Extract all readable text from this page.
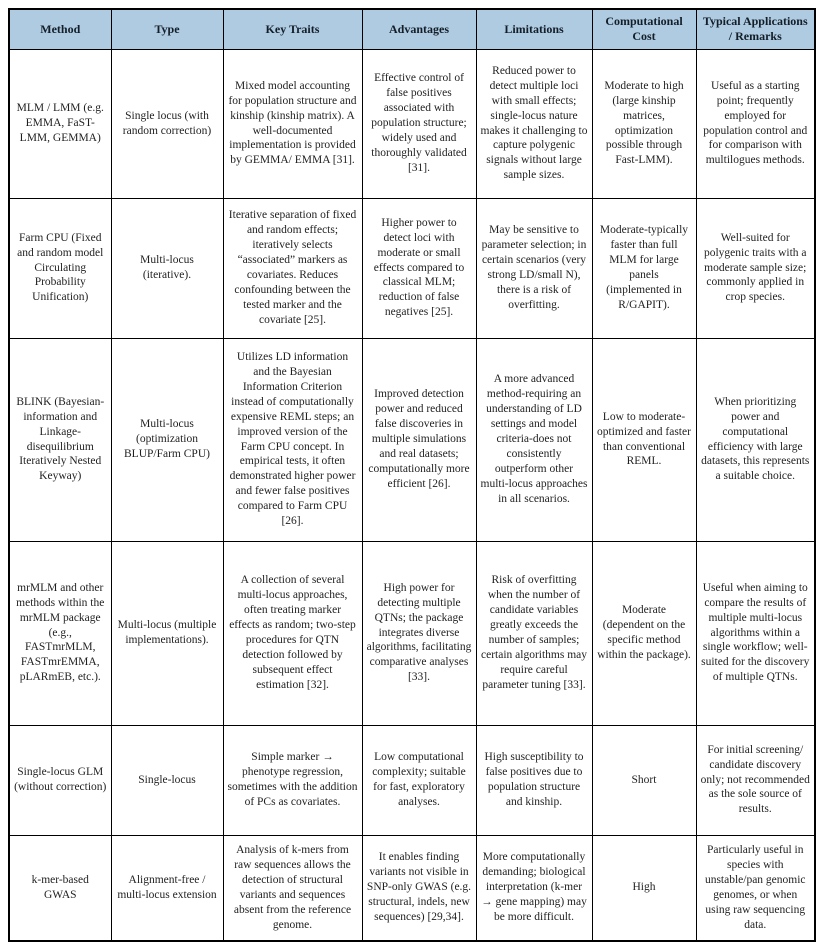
Method	Type	Key Traits	Advantages	Limitations	Computational Cost	Typical Applications / Remarks
MLM / LMM (e.g. EMMA, FaST-LMM, GEMMA)	Single locus (with random correction)	Mixed model accounting for population structure and kinship (kinship matrix). A well-documented implementation is provided by GEMMA/ EMMA [31].	Effective control of false positives associated with population structure; widely used and thoroughly validated [31].	Reduced power to detect multiple loci with small effects; single-locus nature makes it challenging to capture polygenic signals without large sample sizes.	Moderate to high (large kinship matrices, optimization possible through Fast-LMM).	Useful as a starting point; frequently employed for population control and for comparison with multilogues methods.
Farm CPU (Fixed and random model Circulating Probability Unification)	Multi-locus (iterative).	Iterative separation of fixed and random effects; iteratively selects “associated” markers as covariates. Reduces confounding between the tested marker and the covariate [25].	Higher power to detect loci with moderate or small effects compared to classical MLM; reduction of false negatives [25].	May be sensitive to parameter selection; in certain scenarios (very strong LD/small N), there is a risk of overfitting.	Moderate-typically faster than full MLM for large panels (implemented in R/GAPIT).	Well-suited for polygenic traits with a moderate sample size; commonly applied in crop species.
BLINK (Bayesian-information and Linkage-disequilibrium Iteratively Nested Keyway)	Multi-locus (optimization BLUP/Farm CPU)	Utilizes LD information and the Bayesian Information Criterion instead of computationally expensive REML steps; an improved version of the Farm CPU concept. In empirical tests, it often demonstrated higher power and fewer false positives compared to Farm CPU [26].	Improved detection power and reduced false discoveries in multiple simulations and real datasets; computationally more efficient [26].	A more advanced method-requiring an understanding of LD settings and model criteria-does not consistently outperform other multi-locus approaches in all scenarios.	Low to moderate-optimized and faster than conventional REML.	When prioritizing power and computational efficiency with large datasets, this represents a suitable choice.
mrMLM and other methods within the mrMLM package (e.g., FASTmrMLM, FASTmrEMMA, pLARmEB, etc.).	Multi-locus (multiple implementations).	A collection of several multi-locus approaches, often treating marker effects as random; two-step procedures for QTN detection followed by subsequent effect estimation [32].	High power for detecting multiple QTNs; the package integrates diverse algorithms, facilitating comparative analyses [33].	Risk of overfitting when the number of candidate variables greatly exceeds the number of samples; certain algorithms may require careful parameter tuning [33].	Moderate (dependent on the specific method within the package).	Useful when aiming to compare the results of multiple multi-locus algorithms within a single workflow; well-suited for the discovery of multiple QTNs.
Single-locus GLM (without correction)	Single-locus	Simple marker → phenotype regression, sometimes with the addition of PCs as covariates.	Low computational complexity; suitable for fast, exploratory analyses.	High susceptibility to false positives due to population structure and kinship.	Short	For initial screening/ candidate discovery only; not recommended as the sole source of results.
k-mer-based GWAS	Alignment-free / multi-locus extension	Analysis of k-mers from raw sequences allows the detection of structural variants and sequences absent from the reference genome.	It enables finding variants not visible in SNP-only GWAS (e.g. structural, indels, new sequences) [29,34].	More computationally demanding; biological interpretation (k-mer → gene mapping) may be more difficult.	High	Particularly useful in species with unstable/pan genomic genomes, or when using raw sequencing data.
